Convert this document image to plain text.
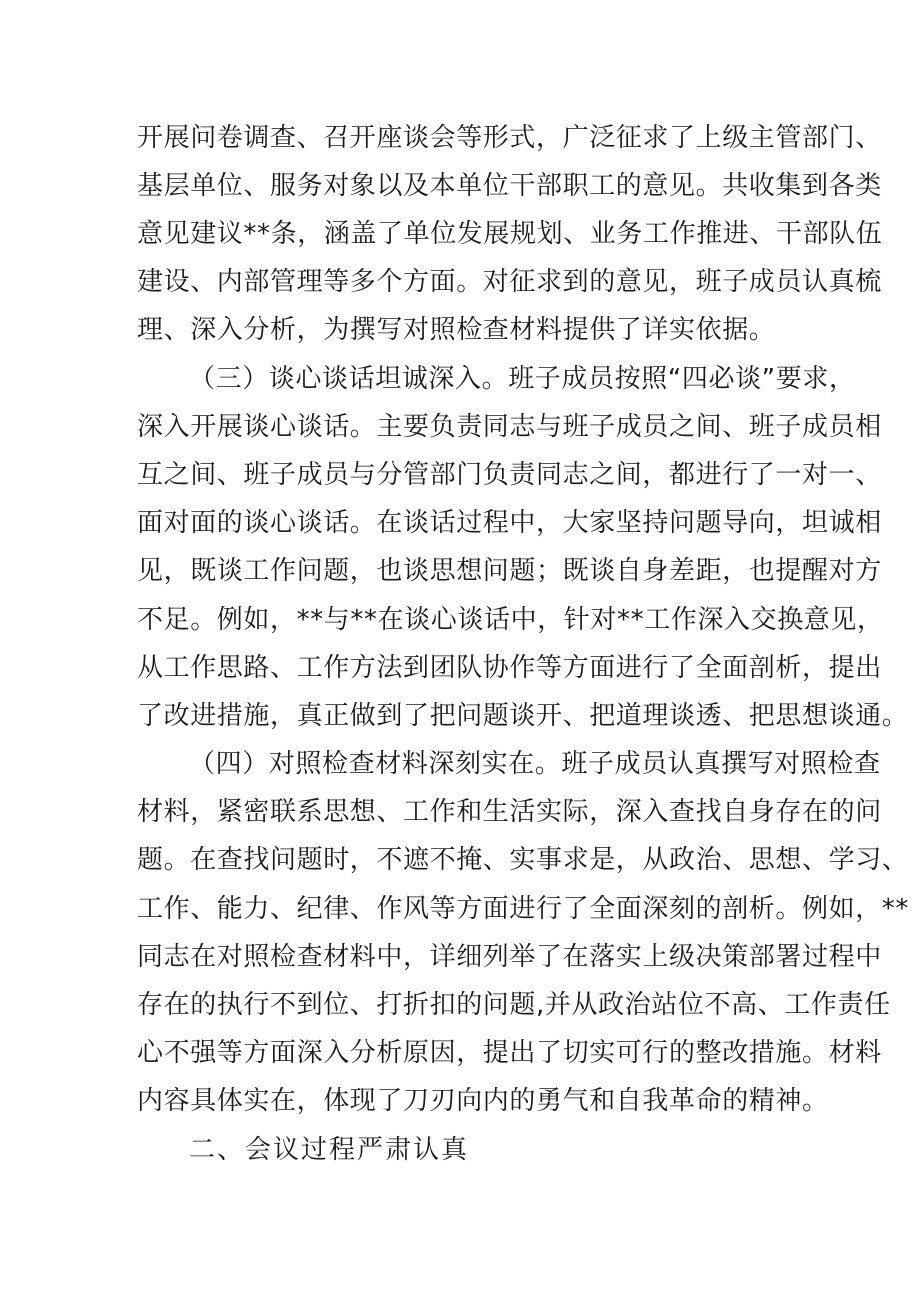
开展问卷调查、召开座谈会等形式，广泛征求了上级主管部门、
基层单位、服务对象以及本单位干部职工的意见。共收集到各类
意见建议**条，涵盖了单位发展规划、业务工作推进、干部队伍
建设、内部管理等多个方面。对征求到的意见，班子成员认真梳
理、深入分析，为撰写对照检查材料提供了详实依据。
（三）谈心谈话坦诚深入。班子成员按照“四必谈”要求，
深入开展谈心谈话。主要负责同志与班子成员之间、班子成员相
互之间、班子成员与分管部门负责同志之间，都进行了一对一、
面对面的谈心谈话。在谈话过程中，大家坚持问题导向，坦诚相
见，既谈工作问题，也谈思想问题；既谈自身差距，也提醒对方
不足。例如，**与**在谈心谈话中，针对**工作深入交换意见，
从工作思路、工作方法到团队协作等方面进行了全面剖析，提出
了改进措施，真正做到了把问题谈开、把道理谈透、把思想谈通。
（四）对照检查材料深刻实在。班子成员认真撰写对照检查
材料，紧密联系思想、工作和生活实际，深入查找自身存在的问
题。在查找问题时，不遮不掩、实事求是，从政治、思想、学习、
工作、能力、纪律、作风等方面进行了全面深刻的剖析。例如，**
同志在对照检查材料中，详细列举了在落实上级决策部署过程中
存在的执行不到位、打折扣的问题,并从政治站位不高、工作责任
心不强等方面深入分析原因，提出了切实可行的整改措施。材料
内容具体实在，体现了刀刃向内的勇气和自我革命的精神。
二、会议过程严肃认真
